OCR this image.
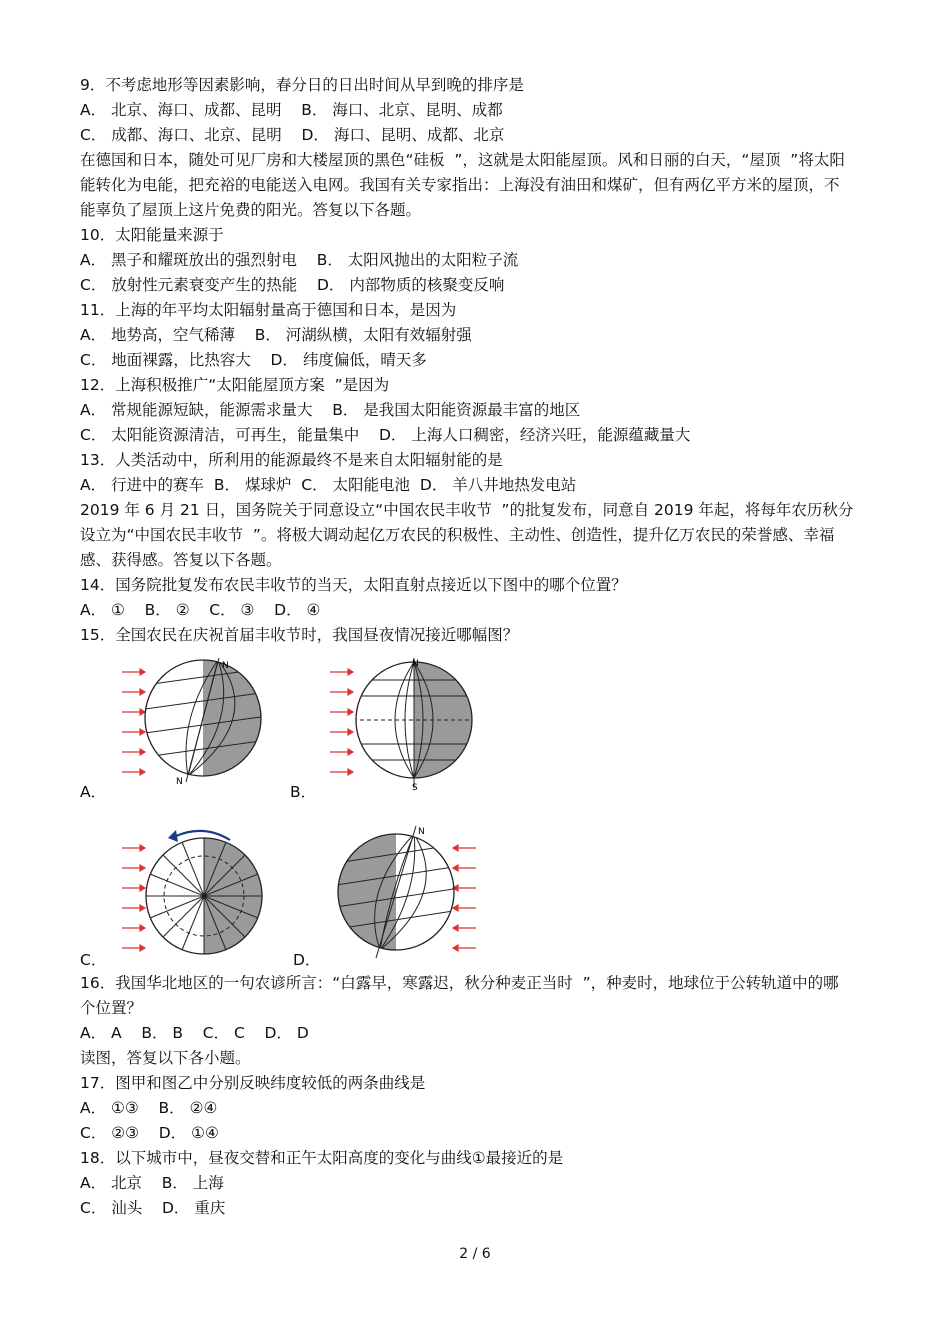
9．不考虑地形等因素影响，春分日的日出时间从早到晚的排序是
A． 北京、海口、成都、昆明    B． 海口、北京、昆明、成都
C． 成都、海口、北京、昆明    D． 海口、昆明、成都、北京
在德国和日本，随处可见厂房和大楼屋顶的黑色“硅板  ”，这就是太阳能屋顶。风和日丽的白天，“屋顶  ”将太阳
能转化为电能，把充裕的电能送入电网。我国有关专家指出：上海没有油田和煤矿，但有两亿平方米的屋顶，不
能辜负了屋顶上这片免费的阳光。答复以下各题。
10．太阳能量来源于
A． 黑子和耀斑放出的强烈射电    B． 太阳风抛出的太阳粒子流
C． 放射性元素衰变产生的热能    D． 内部物质的核聚变反响
11．上海的年平均太阳辐射量高于德国和日本，是因为
A． 地势高，空气稀薄    B． 河湖纵横，太阳有效辐射强
C． 地面裸露，比热容大    D． 纬度偏低，晴天多
12．上海积极推广“太阳能屋顶方案  ”是因为
A． 常规能源短缺，能源需求量大    B． 是我国太阳能资源最丰富的地区
C． 太阳能资源清洁，可再生，能量集中    D． 上海人口稠密，经济兴旺，能源蕴藏量大
13．人类活动中，所利用的能源最终不是来自太阳辐射能的是
A． 行进中的赛车  B． 煤球炉  C． 太阳能电池  D． 羊八井地热发电站
2019 年 6 月 21 日，国务院关于同意设立“中国农民丰收节  ”的批复发布，同意自 2019 年起，将每年农历秋分
设立为“中国农民丰收节  ”。将极大调动起亿万农民的积极性、主动性、创造性，提升亿万农民的荣誉感、幸福
感、获得感。答复以下各题。
14．国务院批复发布农民丰收节的当天，太阳直射点接近以下图中的哪个位置？
A． ①    B． ②    C． ③    D． ④
15．全国农民在庆祝首届丰收节时，我国昼夜情况接近哪幅图？
A．
N
N
B．
N
S
C．	D．
N
16．我国华北地区的一句农谚所言：“白露早，寒露迟，秋分种麦正当时  ”，种麦时，地球位于公转轨道中的哪
个位置？
A． A    B． B    C． C    D． D
读图，答复以下各小题。
17．图甲和图乙中分别反映纬度较低的两条曲线是
A． ①③    B． ②④
C． ②③    D． ①④
18．以下城市中，昼夜交替和正午太阳高度的变化与曲线①最接近的是
A． 北京    B． 上海
C． 汕头    D． 重庆
2 / 6
